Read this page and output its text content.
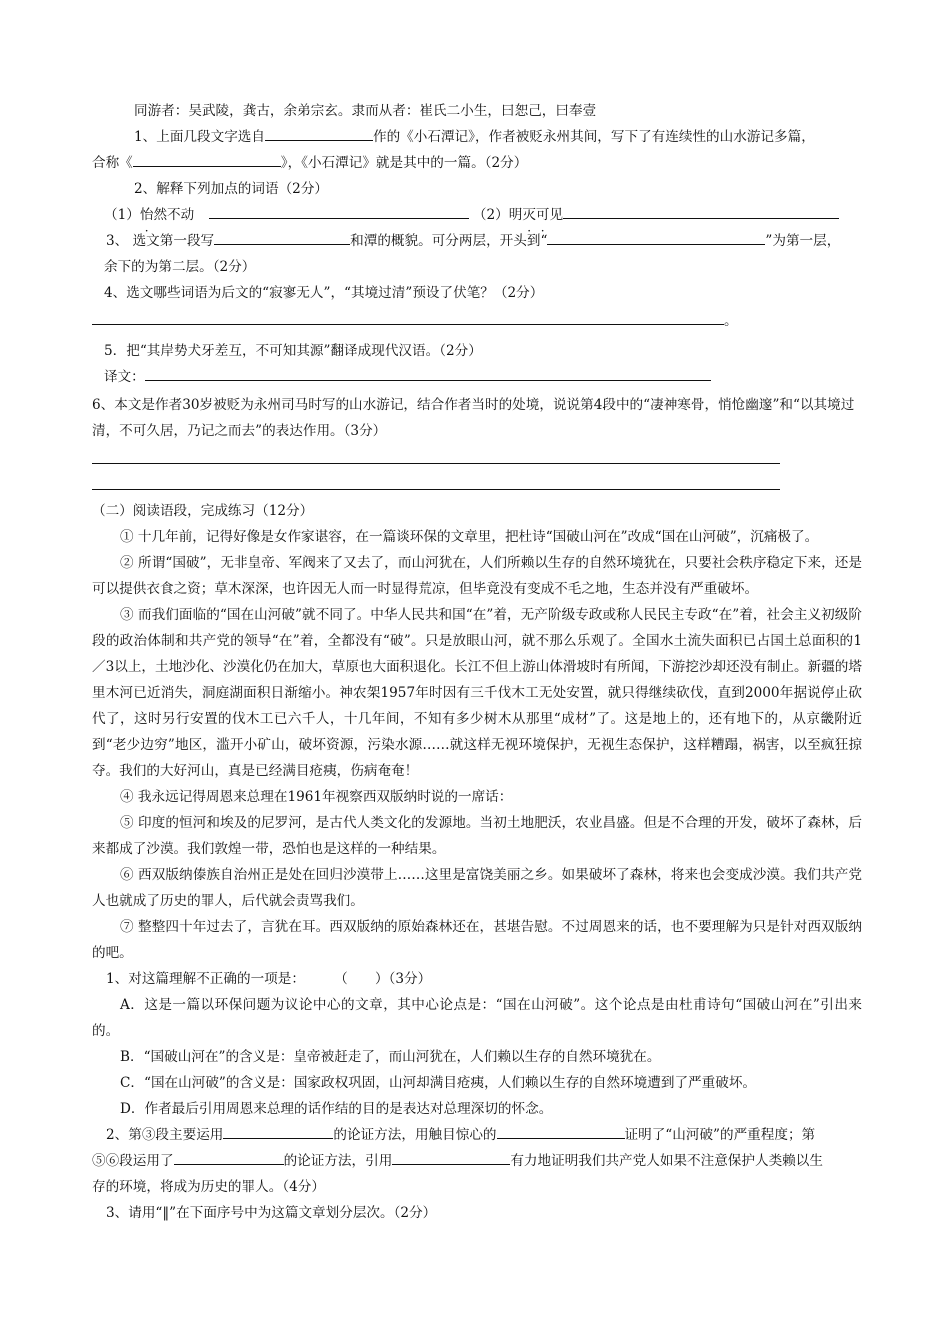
同游者：吴武陵，龚古，余弟宗玄。隶而从者：崔氏二小生，曰恕己，曰奉壹

1、上面几段文字选自	作的《小石潭记》，作者被贬永州其间，写下了有连续性的山水游记多篇，

合称《	》，《小石潭记》就是其中的一篇。（2分）

2、解释下列加点的词语（2分）

（1）怡然不动	（2）明灭可见

3、 选文第一段写	和潭的概貌。可分两层，开头到“	”为第一层，

余下的为第二层。（2分）

4、选文哪些词语为后文的“寂寥无人”，“其境过清”预设了伏笔？（2分）

。

5．把“其岸势犬牙差互，不可知其源”翻译成现代汉语。（2分）

译文：

6、本文是作者30岁被贬为永州司马时写的山水游记，结合作者当时的处境，说说第4段中的“凄神寒骨，悄怆幽邃”和“以其境过清，不可久居，乃记之而去”的表达作用。（3分）

（二）阅读语段，完成练习（12分）

① 十几年前，记得好像是女作家谌容，在一篇谈环保的文章里，把杜诗“国破山河在”改成“国在山河破”，沉痛极了。

② 所谓“国破”，无非皇帝、军阀来了又去了，而山河犹在，人们所赖以生存的自然环境犹在，只要社会秩序稳定下来，还是可以提供衣食之资；草木深深，也许因无人而一时显得荒凉，但毕竟没有变成不毛之地，生态并没有严重破坏。

③ 而我们面临的“国在山河破”就不同了。中华人民共和国“在”着，无产阶级专政或称人民民主专政“在”着，社会主义初级阶段的政治体制和共产党的领导“在”着，全都没有“破”。只是放眼山河，就不那么乐观了。全国水土流失面积已占国土总面积的1／3以上，土地沙化、沙漠化仍在加大，草原也大面积退化。长江不但上游山体滑坡时有所闻，下游挖沙却还没有制止。新疆的塔里木河已近消失，洞庭湖面积日渐缩小。神农架1957年时因有三千伐木工无处安置，就只得继续砍伐，直到2000年据说停止砍代了，这时另行安置的伐木工已六千人，十几年间，不知有多少树木从那里“成材”了。这是地上的，还有地下的，从京畿附近到“老少边穷”地区，滥开小矿山，破坏资源，污染水源……就这样无视环境保护，无视生态保护，这样糟蹋，祸害，以至疯狂掠夺。我们的大好河山，真是已经满目疮痍，伤病奄奄！

④ 我永远记得周恩来总理在1961年视察西双版纳时说的一席话：

⑤ 印度的恒河和埃及的尼罗河，是古代人类文化的发源地。当初土地肥沃，农业昌盛。但是不合理的开发，破坏了森林，后来都成了沙漠。我们敦煌一带，恐怕也是这样的一种结果。

⑥ 西双版纳傣族自治州正是处在回归沙漠带上……这里是富饶美丽之乡。如果破坏了森林，将来也会变成沙漠。我们共产党人也就成了历史的罪人，后代就会责骂我们。

⑦ 整整四十年过去了，言犹在耳。西双版纳的原始森林还在，甚堪告慰。不过周恩来的话，也不要理解为只是针对西双版纳的吧。

1、对这篇理解不正确的一项是：	（　　）（3分）

A．这是一篇以环保问题为议论中心的文章，其中心论点是：“国在山河破”。这个论点是由杜甫诗句“国破山河在”引出来的。

B．“国破山河在”的含义是：皇帝被赶走了，而山河犹在，人们赖以生存的自然环境犹在。

C．“国在山河破”的含义是：国家政权巩固，山河却满目疮痍，人们赖以生存的自然环境遭到了严重破坏。

D．作者最后引用周恩来总理的话作结的目的是表达对总理深切的怀念。

2、第③段主要运用	的论证方法，用触目惊心的	证明了“山河破”的严重程度；第

⑤⑥段运用了	的论证方法，引用	有力地证明我们共产党人如果不注意保护人类赖以生

存的环境，将成为历史的罪人。（4分）

3、请用“‖”在下面序号中为这篇文章划分层次。（2分）
